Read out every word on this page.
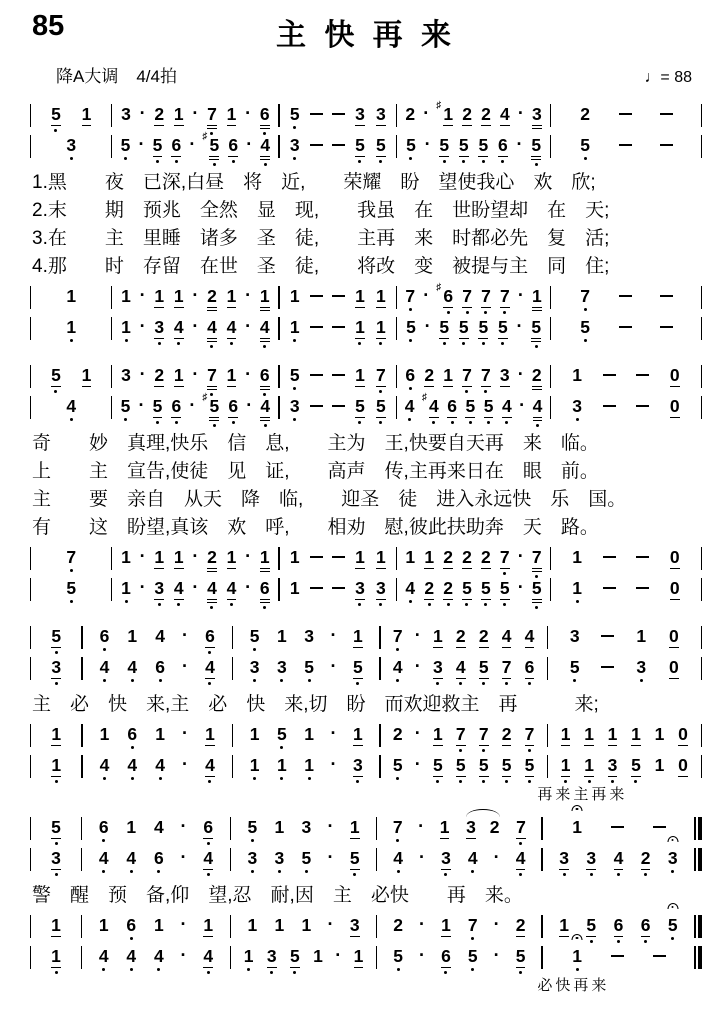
85	主 快 再 来
降A大调 4/4拍	♩= 88
5 1 3 · 2 1 · 7 1 · 6 5	3 3 2 · ♯ 1 2 2 4 · 3 2
3	5 · 5 6 · ♯ 5 6 · 4 3	5 5 5 · 5 5 5 6 · 5 5
1.黑　　夜　已深,白昼　将　近,　　荣耀　盼　望使我心　欢　欣;
2.末　　期　预兆　全然　显　现,　　我虽　在　世盼望却　在　天;
3.在　　主　里睡　诸多　圣　徒,　　主再　来　时都必先　复　活;
4.那　　时　存留　在世　圣　徒,　　将改　变　被提与主　同　住;
1	1 · 1 1 · 2 1 · 1 1	1 1 7 · ♯ 6 7 7 7 · 1 7
1	1 · 3 4 · 4 4 · 4 1	1 1 5 · 5 5 5 5 · 5 5
5 1 3 · 2 1 · 7 1 · 6 5	1 7 6 2 1 7 7 3 · 2 1	0
4	5 · 5 6 · ♯ 5 6 · 4 3	5 5 4 ♯ 4 6 5 5 4 · 4 3	0
奇　　妙　真理,快乐　信　息,　　主为　王,快要自天再　来　临。
上　　主　宣告,使徒　见　证,　　高声　传,主再来日在　眼　前。
主　　要　亲自　从天　降　临,　　迎圣　徒　进入永远快　乐　国。
有　　这　盼望,真该　欢　呼,　　相劝　慰,彼此扶助奔　天　路。
7	1 · 1 1 · 2 1 · 1 1	1 1 1 1 2 2 2 7 · 7 1	0
5	1 · 3 4 · 4 4 · 6 1	3 3 4 2 2 5 5 5 · 5 1	0
5 6 1 4 · 6 5 1 3 · 1 7 · 1 2 2 4 4 3	1 0
3 4 4 6 · 4 3 3 5 · 5 4 · 3 4 5 7 6 5	3 0
主　必　快　来,主　必　快　来,切　盼　而欢迎救主　再　　　来;
1 1 6 1 · 1 1 5 1 · 1 2 · 1 7 7 2 7 1 1 1 1 1 0
1 4 4 4 · 4 1 1 1 · 3 5 · 5 5 5 5 5 1 1 3 5 1 0
再来主再来
5 6 1 4 · 6 5 1 3 · 1 7 · 1 3 2 7	1
3 4 4 6 · 4 3 3 5 · 5 4 · 3 4 · 4 3 3 4 2 3
警　醒　预　备,仰　望,忍　耐,因　主　必快　　再　来。
1 1 6 1 · 1 1 1 1 · 3 2 · 1 7 · 2 1 5 6 6 5
1 4 4 4 · 4 1 3 5 1 · 1 5 · 6 5 · 5	1
必快再来
